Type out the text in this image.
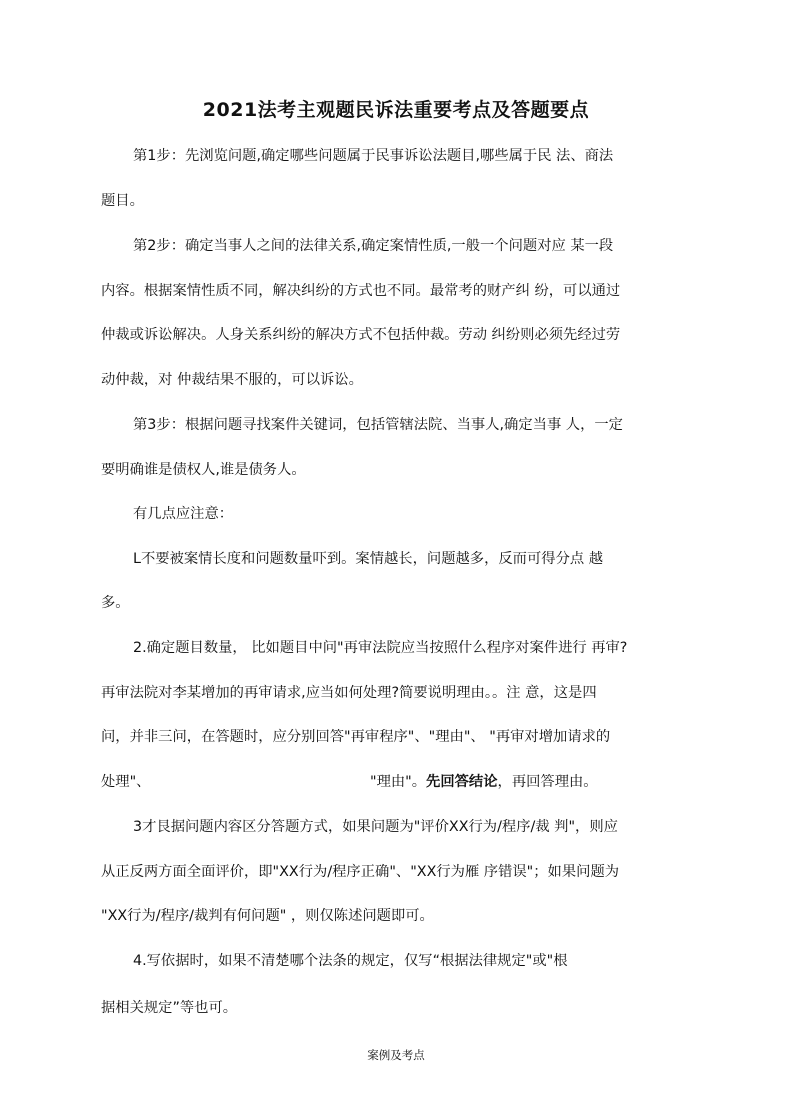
2021法考主观题民诉法重要考点及答题要点
第1步：先浏览问题,确定哪些问题属于民事诉讼法题目,哪些属于民 法、商法
题目。
第2步：确定当事人之间的法律关系,确定案情性质,一般一个问题对应 某一段
内容。根据案情性质不同，解决纠纷的方式也不同。最常考的财产纠 纷，可以通过
仲裁或诉讼解决。人身关系纠纷的解决方式不包括仲裁。劳动 纠纷则必须先经过劳
动仲裁，对 仲裁结果不服的，可以诉讼。
第3步：根据问题寻找案件关键词，包括管辖法院、当事人,确定当事 人，一定
要明确谁是债权人,谁是债务人。
有几点应注意：
L不要被案情长度和问题数量吓到。案情越长，问题越多，反而可得分点 越
多。
2.确定题目数量， 比如题目中问"再审法院应当按照什么程序对案件进行 再审?
再审法院对李某增加的再审请求,应当如何处理?简要说明理由。。注 意，这是四
问，并非三问，在答题时，应分别回答"再审程序"、"理由"、 "再审对增加请求的
处理"、	"理由"。先回答结论，再回答理由。
3才艮据问题内容区分答题方式，如果问题为"评价XX行为/程序/裁 判"，则应
从正反两方面全面评价，即"XX行为/程序正确"、"XX行为雁 序错误"；如果问题为
"XX行为/程序/裁判有何问题" ，则仅陈述问题即可。
4.写依据时，如果不清楚哪个法条的规定，仅写“根据法律规定"或"根
据相关规定”等也可。
案例及考点
